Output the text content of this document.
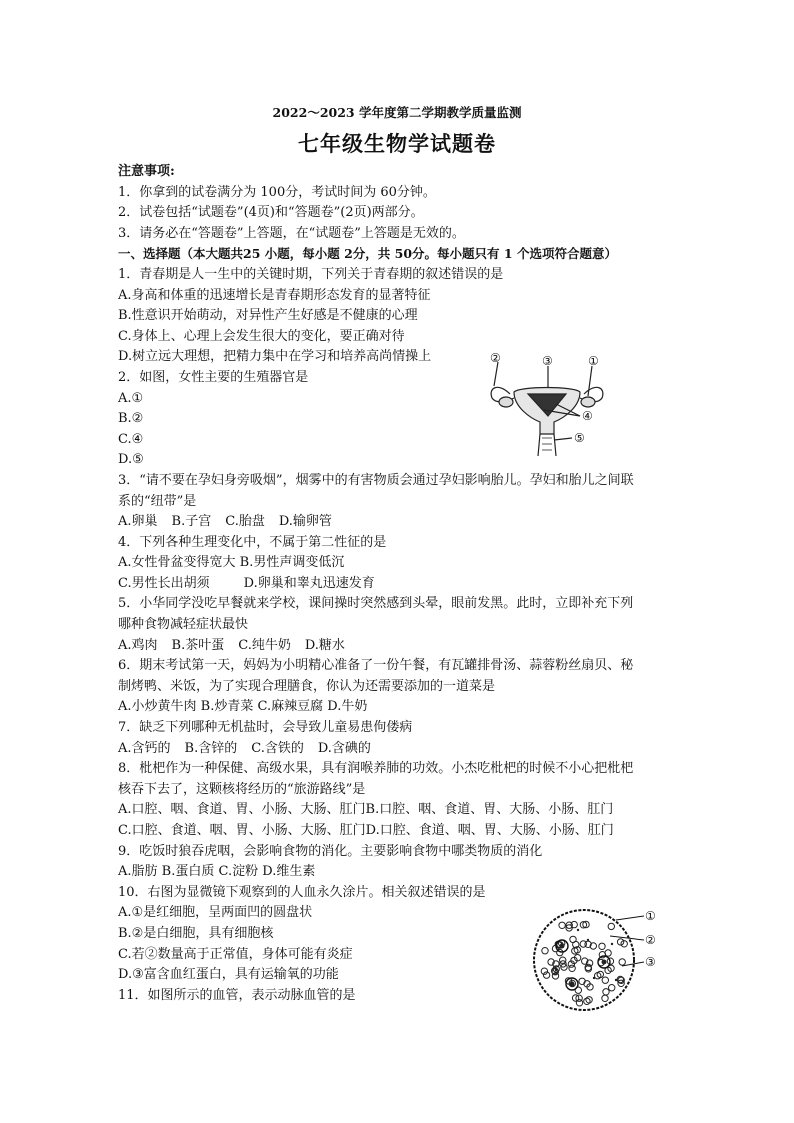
2022～2023 学年度第二学期教学质量监测
七年级生物学试题卷
注意事项:
1．你拿到的试卷满分为 100分，考试时间为 60分钟。
2．试卷包括“试题卷”(4页)和“答题卷”(2页)两部分。
3．请务必在“答题卷”上答题，在“试题卷”上答题是无效的。
一、选择题（本大题共25 小题，每小题 2分，共 50分。每小题只有 1 个选项符合题意）
1．青春期是人一生中的关键时期，下列关于青春期的叙述错误的是
A.身高和体重的迅速增长是青春期形态发育的显著特征
B.性意识开始萌动，对异性产生好感是不健康的心理
C.身体上、心理上会发生很大的变化，要正确对待
D.树立远大理想，把精力集中在学习和培养高尚情操上
2．如图，女性主要的生殖器官是
A.①
B.②
C.④
D.⑤
3．“请不要在孕妇身旁吸烟”，烟雾中的有害物质会通过孕妇影响胎儿。孕妇和胎儿之间联
系的“纽带”是
A.卵巢 B.子宫 C.胎盘 D.输卵管
4．下列各种生理变化中，不属于第二性征的是
A.女性骨盆变得宽大 B.男性声调变低沉
C.男性长出胡须	D.卵巢和睾丸迅速发育
5．小华同学没吃早餐就来学校，课间操时突然感到头晕，眼前发黑。此时，立即补充下列
哪种食物减轻症状最快
A.鸡肉 B.茶叶蛋 C.纯牛奶 D.糖水
6．期末考试第一天，妈妈为小明精心准备了一份午餐，有瓦罐排骨汤、蒜蓉粉丝扇贝、秘
制烤鸭、米饭，为了实现合理膳食，你认为还需要添加的一道菜是
A.小炒黄牛肉 B.炒青菜 C.麻辣豆腐 D.牛奶
7．缺乏下列哪种无机盐时，会导致儿童易患佝偻病
A.含钙的 B.含锌的 C.含铁的 D.含碘的
8．枇杷作为一种保健、高级水果，具有润喉养肺的功效。小杰吃枇杷的时候不小心把枇杷
核吞下去了，这颗核将经历的“旅游路线”是
A.口腔、咽、食道、胃、小肠、大肠、肛门B.口腔、咽、食道、胃、大肠、小肠、肛门
C.口腔、食道、咽、胃、小肠、大肠、肛门D.口腔、食道、咽、胃、大肠、小肠、肛门
9．吃饭时狼吞虎咽，会影响食物的消化。主要影响食物中哪类物质的消化
A.脂肪 B.蛋白质 C.淀粉 D.维生素
10．右图为显微镜下观察到的人血永久涂片。相关叙述错误的是
A.①是红细胞，呈两面凹的圆盘状
B.②是白细胞，具有细胞核
C.若②数量高于正常值，身体可能有炎症
D.③富含血红蛋白，具有运输氧的功能
11．如图所示的血管，表示动脉血管的是
②	③	①
④
⑤
①
②
③
